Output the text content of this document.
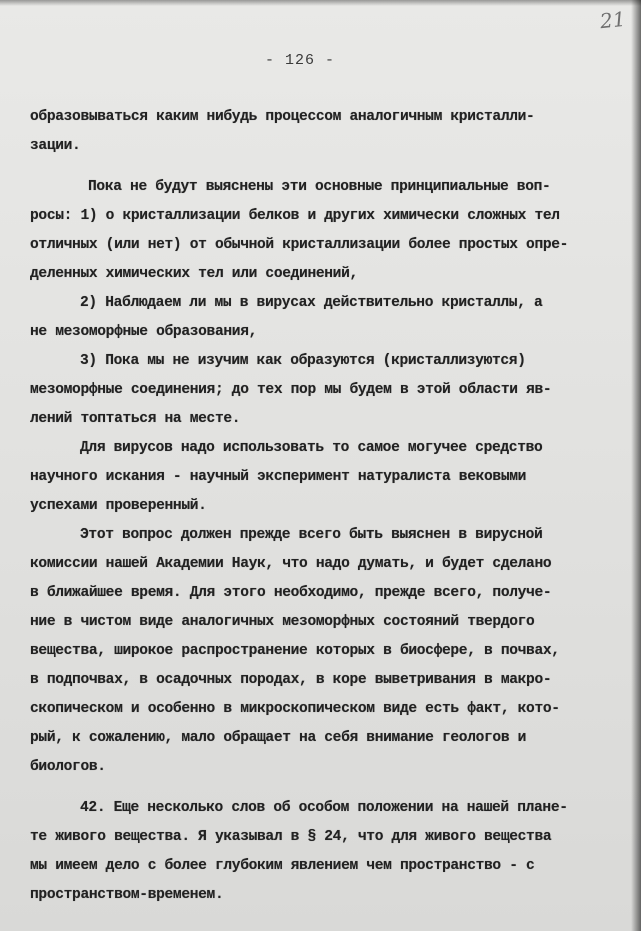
21
- 126 -
образовываться каким нибудь процессом аналогичным кристалли-
зации.
Пока не будут выяснены эти основные принципиальные воп-
росы: 1) о кристаллизации белков и других химически сложных тел
отличных (или нет) от обычной кристаллизации более простых опре-
деленных химических тел или соединений,
2) Наблюдаем ли мы в вирусах действительно кристаллы, а
не мезоморфные образования,
3) Пока мы не изучим как образуются (кристаллизуются)
мезоморфные соединения; до тех пор мы будем в этой области яв-
лений топтаться на месте.
Для вирусов надо использовать то самое могучее средство
научного искания - научный эксперимент натуралиста вековыми
успехами проверенный.
Этот вопрос должен прежде всего быть выяснен в вирусной
комиссии нашей Академии Наук, что надо думать, и будет сделано
в ближайшее время. Для этого необходимо, прежде всего, получе-
ние в чистом виде аналогичных мезоморфных состояний твердого
вещества, широкое распространение которых в биосфере, в почвах,
в подпочвах, в осадочных породах, в коре выветривания в макро-
скопическом и особенно в микроскопическом виде есть факт, кото-
рый, к сожалению, мало обращает на себя внимание геологов и
биологов.
42. Еще несколько слов об особом положении на нашей плане-
те живого вещества. Я указывал в § 24, что для живого вещества
мы имеем дело с более глубоким явлением чем пространство - с
пространством-временем.
